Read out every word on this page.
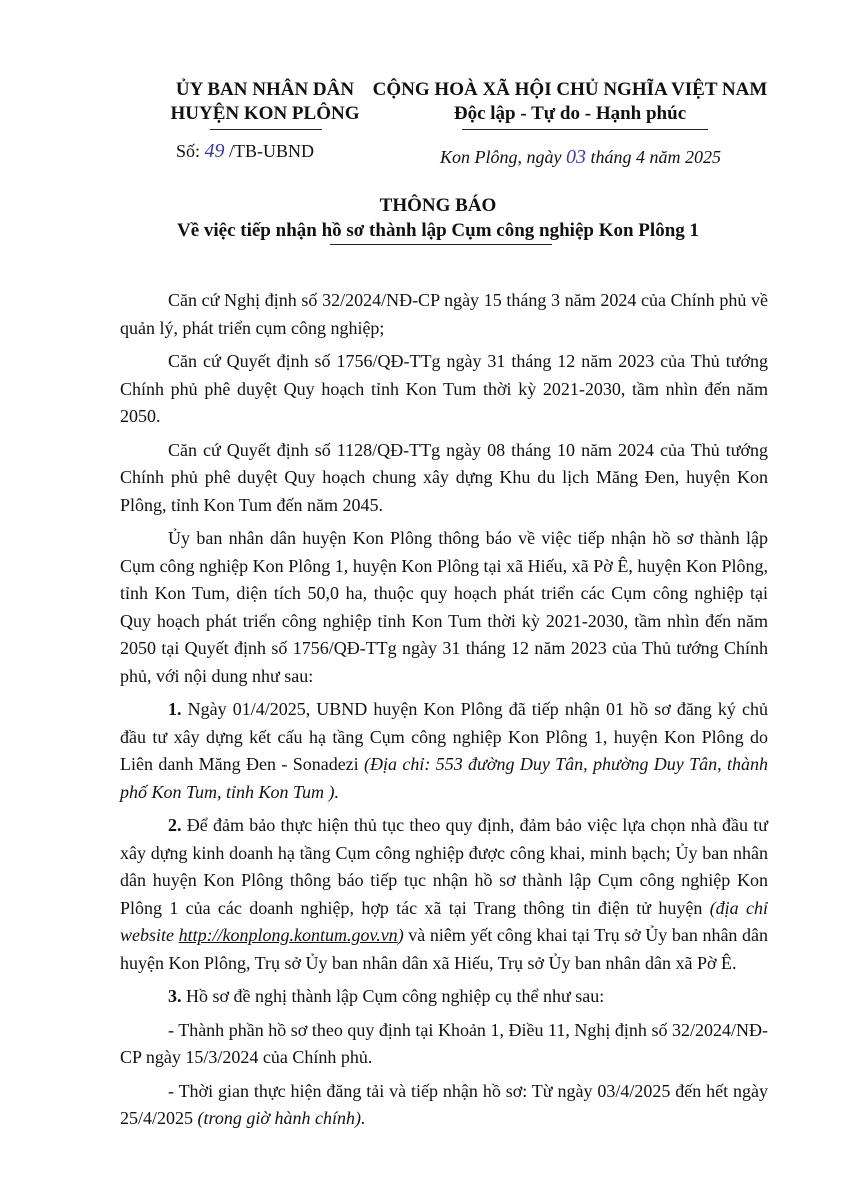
ỦY BAN NHÂN DÂN
HUYỆN KON PLÔNG
CỘNG HOÀ XÃ HỘI CHỦ NGHĨA VIỆT NAM
Độc lập - Tự do - Hạnh phúc
Số: 49 /TB-UBND	Kon Plông, ngày 03 tháng 4 năm 2025
THÔNG BÁO
Về việc tiếp nhận hồ sơ thành lập Cụm công nghiệp Kon Plông 1

Căn cứ Nghị định số 32/2024/NĐ-CP ngày 15 tháng 3 năm 2024 của Chính phủ về quản lý, phát triển cụm công nghiệp;

Căn cứ Quyết định số 1756/QĐ-TTg ngày 31 tháng 12 năm 2023 của Thủ tướng Chính phủ phê duyệt Quy hoạch tỉnh Kon Tum thời kỳ 2021-2030, tầm nhìn đến năm 2050.

Căn cứ Quyết định số 1128/QĐ-TTg ngày 08 tháng 10 năm 2024 của Thủ tướng Chính phủ phê duyệt Quy hoạch chung xây dựng Khu du lịch Măng Đen, huyện Kon Plông, tỉnh Kon Tum đến năm 2045.

Ủy ban nhân dân huyện Kon Plông thông báo về việc tiếp nhận hồ sơ thành lập Cụm công nghiệp Kon Plông 1, huyện Kon Plông tại xã Hiếu, xã Pờ Ê, huyện Kon Plông, tỉnh Kon Tum, diện tích 50,0 ha, thuộc quy hoạch phát triển các Cụm công nghiệp tại Quy hoạch phát triển công nghiệp tỉnh Kon Tum thời kỳ 2021-2030, tầm nhìn đến năm 2050 tại Quyết định số 1756/QĐ-TTg ngày 31 tháng 12 năm 2023 của Thủ tướng Chính phủ, với nội dung như sau:

1. Ngày 01/4/2025, UBND huyện Kon Plông đã tiếp nhận 01 hồ sơ đăng ký chủ đầu tư xây dựng kết cấu hạ tầng Cụm công nghiệp Kon Plông 1, huyện Kon Plông do Liên danh Măng Đen - Sonadezi (Địa chỉ: 553 đường Duy Tân, phường Duy Tân, thành phố Kon Tum, tỉnh Kon Tum ).

2. Để đảm bảo thực hiện thủ tục theo quy định, đảm bảo việc lựa chọn nhà đầu tư xây dựng kinh doanh hạ tầng Cụm công nghiệp được công khai, minh bạch; Ủy ban nhân dân huyện Kon Plông thông báo tiếp tục nhận hồ sơ thành lập Cụm công nghiệp Kon Plông 1 của các doanh nghiệp, hợp tác xã tại Trang thông tin điện tử huyện (địa chỉ website http://konplong.kontum.gov.vn) và niêm yết công khai tại Trụ sở Ủy ban nhân dân huyện Kon Plông, Trụ sở Ủy ban nhân dân xã Hiếu, Trụ sở Ủy ban nhân dân xã Pờ Ê.

3. Hồ sơ đề nghị thành lập Cụm công nghiệp cụ thể như sau:

- Thành phần hồ sơ theo quy định tại Khoản 1, Điều 11, Nghị định số 32/2024/NĐ-CP ngày 15/3/2024 của Chính phủ.

- Thời gian thực hiện đăng tải và tiếp nhận hồ sơ: Từ ngày 03/4/2025 đến hết ngày 25/4/2025 (trong giờ hành chính).
